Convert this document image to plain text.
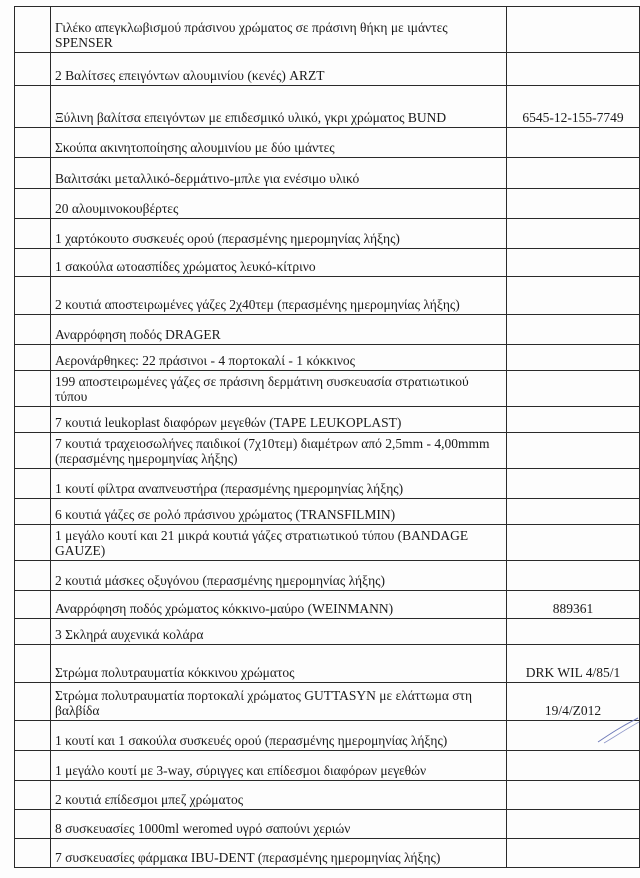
	Γιλέκο απεγκλωβισμού πράσινου χρώματος σε πράσινη θήκη με ιμάντες SPENSER	
	2 Βαλίτσες επειγόντων αλουμινίου (κενές) ARZT	
	Ξύλινη βαλίτσα επειγόντων με επιδεσμικό υλικό, γκρι χρώματος BUND	6545-12-155-7749
	Σκούπα ακινητοποίησης αλουμινίου με δύο ιμάντες	
	Βαλιτσάκι μεταλλικό-δερμάτινο-μπλε για ενέσιμο υλικό	
	20 αλουμινοκουβέρτες	
	1 χαρτόκουτο συσκευές ορού (περασμένης ημερομηνίας λήξης)	
	1 σακούλα ωτοασπίδες χρώματος λευκό-κίτρινο	
	2 κουτιά αποστειρωμένες γάζες 2χ40τεμ (περασμένης ημερομηνίας λήξης)	
	Αναρρόφηση ποδός DRAGER	
	Αερονάρθηκες: 22 πράσινοι - 4 πορτοκαλί - 1 κόκκινος	
	199 αποστειρωμένες γάζες σε πράσινη δερμάτινη συσκευασία στρατιωτικού τύπου	
	7 κουτιά leukoplast διαφόρων μεγεθών (TAPE LEUKOPLAST)	
	7 κουτιά τραχειοσωλήνες παιδικοί (7χ10τεμ) διαμέτρων από 2,5mm - 4,00mmm (περασμένης ημερομηνίας λήξης)	
	1 κουτί φίλτρα αναπνευστήρα (περασμένης ημερομηνίας λήξης)	
	6 κουτιά γάζες σε ρολό πράσινου χρώματος (TRANSFILMIN)	
	1 μεγάλο κουτί και 21 μικρά κουτιά γάζες στρατιωτικού τύπου (BANDAGE GAUZE)	
	2 κουτιά μάσκες οξυγόνου (περασμένης ημερομηνίας λήξης)	
	Αναρρόφηση ποδός χρώματος κόκκινο-μαύρο (WEINMANN)	889361
	3 Σκληρά αυχενικά κολάρα	
	Στρώμα πολυτραυματία κόκκινου χρώματος	DRK WIL 4/85/1
	Στρώμα πολυτραυματία πορτοκαλί χρώματος GUTTASYN με ελάττωμα στη βαλβίδα	19/4/Z012
	1 κουτί και 1 σακούλα συσκευές ορού (περασμένης ημερομηνίας λήξης)	
	1 μεγάλο κουτί με 3-way, σύριγγες και επίδεσμοι διαφόρων μεγεθών	
	2 κουτιά επίδεσμοι μπεζ χρώματος	
	8 συσκευασίες 1000ml weromed υγρό σαπούνι χεριών	
	7 συσκευασίες φάρμακα IBU-DENT (περασμένης ημερομηνίας λήξης)	
